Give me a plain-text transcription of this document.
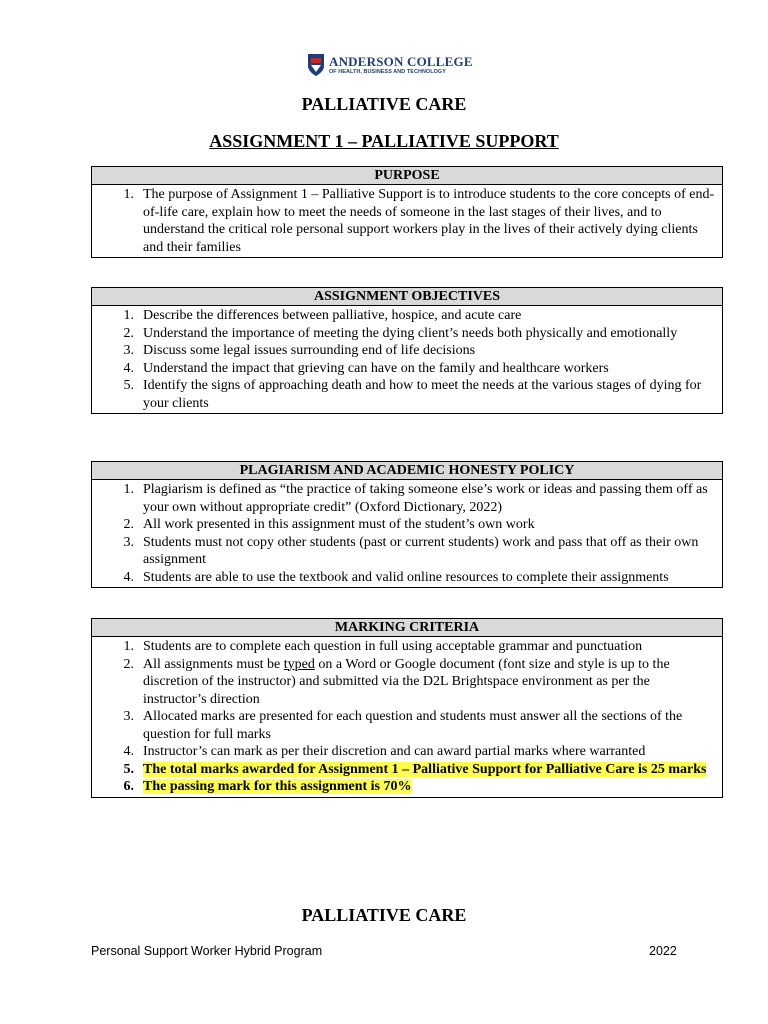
ANDERSON COLLEGE
OF HEALTH, BUSINESS AND TECHNOLOGY
PALLIATIVE CARE
ASSIGNMENT 1 – PALLIATIVE SUPPORT
PURPOSE
1. The purpose of Assignment 1 – Palliative Support is to introduce students to the core concepts of end-of-life care, explain how to meet the needs of someone in the last stages of their lives, and to understand the critical role personal support workers play in the lives of their actively dying clients and their families
ASSIGNMENT OBJECTIVES
1. Describe the differences between palliative, hospice, and acute care
2. Understand the importance of meeting the dying client’s needs both physically and emotionally
3. Discuss some legal issues surrounding end of life decisions
4. Understand the impact that grieving can have on the family and healthcare workers
5. Identify the signs of approaching death and how to meet the needs at the various stages of dying for your clients
PLAGIARISM AND ACADEMIC HONESTY POLICY
1. Plagiarism is defined as “the practice of taking someone else’s work or ideas and passing them off as your own without appropriate credit” (Oxford Dictionary, 2022)
2. All work presented in this assignment must of the student’s own work
3. Students must not copy other students (past or current students) work and pass that off as their own assignment
4. Students are able to use the textbook and valid online resources to complete their assignments
MARKING CRITERIA
1. Students are to complete each question in full using acceptable grammar and punctuation
2. All assignments must be typed on a Word or Google document (font size and style is up to the discretion of the instructor) and submitted via the D2L Brightspace environment as per the instructor’s direction
3. Allocated marks are presented for each question and students must answer all the sections of the question for full marks
4. Instructor’s can mark as per their discretion and can award partial marks where warranted
5. The total marks awarded for Assignment 1 – Palliative Support for Palliative Care is 25 marks
6. The passing mark for this assignment is 70%
PALLIATIVE CARE
Personal Support Worker Hybrid Program	2022
